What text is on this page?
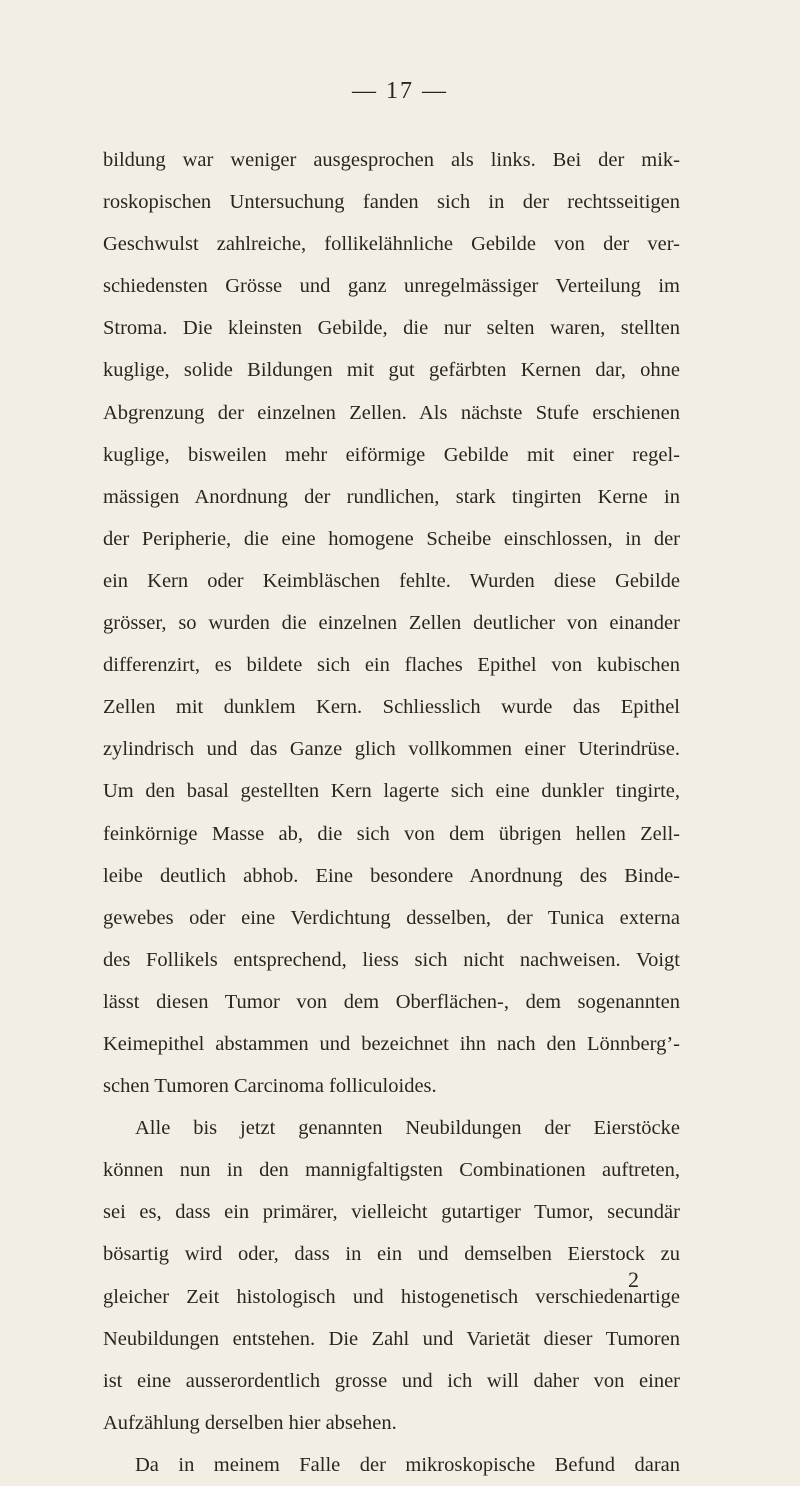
— 17 —
bildung war weniger ausgesprochen als links. Bei der mik-
roskopischen Untersuchung fanden sich in der rechtsseitigen
Geschwulst zahlreiche, follikelähnliche Gebilde von der ver-
schiedensten Grösse und ganz unregelmässiger Verteilung im
Stroma. Die kleinsten Gebilde, die nur selten waren, stellten
kuglige, solide Bildungen mit gut gefärbten Kernen dar, ohne
Abgrenzung der einzelnen Zellen. Als nächste Stufe erschienen
kuglige, bisweilen mehr eiförmige Gebilde mit einer regel-
mässigen Anordnung der rundlichen, stark tingirten Kerne in
der Peripherie, die eine homogene Scheibe einschlossen, in der
ein Kern oder Keimbläschen fehlte. Wurden diese Gebilde
grösser, so wurden die einzelnen Zellen deutlicher von einander
differenzirt, es bildete sich ein flaches Epithel von kubischen
Zellen mit dunklem Kern. Schliesslich wurde das Epithel
zylindrisch und das Ganze glich vollkommen einer Uterindrüse.
Um den basal gestellten Kern lagerte sich eine dunkler tingirte,
feinkörnige Masse ab, die sich von dem übrigen hellen Zell-
leibe deutlich abhob. Eine besondere Anordnung des Binde-
gewebes oder eine Verdichtung desselben, der Tunica externa
des Follikels entsprechend, liess sich nicht nachweisen. Voigt
lässt diesen Tumor von dem Oberflächen-, dem sogenannten
Keimepithel abstammen und bezeichnet ihn nach den Lönnberg’-
schen Tumoren Carcinoma folliculoides.
Alle bis jetzt genannten Neubildungen der Eierstöcke
können nun in den mannigfaltigsten Combinationen auftreten,
sei es, dass ein primärer, vielleicht gutartiger Tumor, secundär
bösartig wird oder, dass in ein und demselben Eierstock zu
gleicher Zeit histologisch und histogenetisch verschiedenartige
Neubildungen entstehen. Die Zahl und Varietät dieser Tumoren
ist eine ausserordentlich grosse und ich will daher von einer
Aufzählung derselben hier absehen.
Da in meinem Falle der mikroskopische Befund daran
2
